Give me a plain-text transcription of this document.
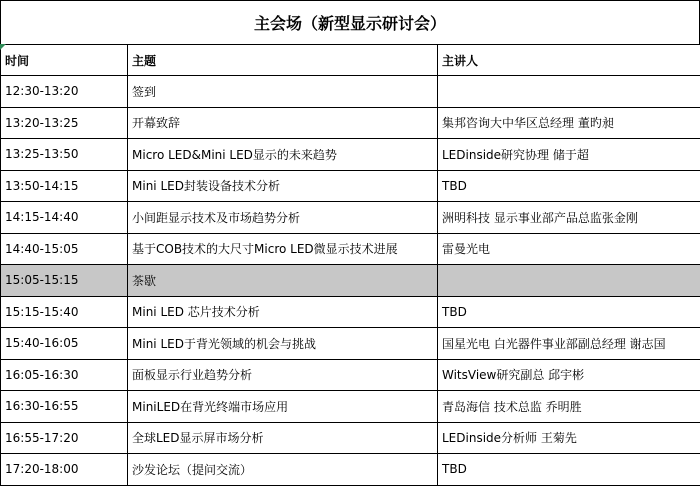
主会场（新型显示研讨会）
时间	主题	主讲人
12:30-13:20	签到	
13:20-13:25	开幕致辞	集邦咨询大中华区总经理 董旳昶
13:25-13:50	Micro LED&Mini LED显示的未来趋势	LEDinside研究协理 储于超
13:50-14:15	Mini LED封装设备技术分析	TBD
14:15-14:40	小间距显示技术及市场趋势分析	洲明科技 显示事业部产品总监张金刚
14:40-15:05	基于COB技术的大尺寸Micro LED微显示技术进展	雷曼光电
15:05-15:15	茶歇	
15:15-15:40	Mini LED 芯片技术分析	TBD
15:40-16:05	Mini LED于背光领域的机会与挑战	国星光电 白光器件事业部副总经理 谢志国
16:05-16:30	面板显示行业趋势分析	WitsView研究副总 邱宇彬
16:30-16:55	MiniLED在背光终端市场应用	青岛海信 技术总监 乔明胜
16:55-17:20	全球LED显示屏市场分析	LEDinside分析师 王菊先
17:20-18:00	沙发论坛（提问交流）	TBD
